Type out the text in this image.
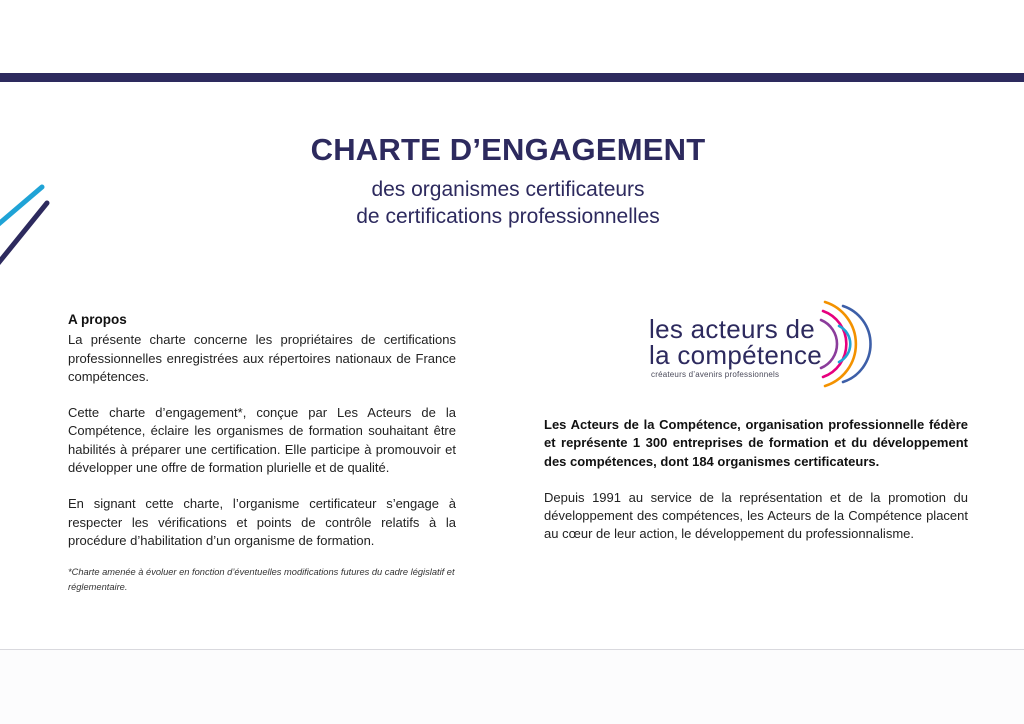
CHARTE D’ENGAGEMENT
des organismes certificateurs
de certifications professionnelles
A propos

La présente charte concerne les propriétaires de certifications professionnelles enregistrées aux répertoires nationaux de France compétences.

Cette charte d’engagement*, conçue par Les Acteurs de la Compétence, éclaire les organismes de formation souhaitant être habilités à préparer une certification. Elle participe à promouvoir et développer une offre de formation plurielle et de qualité.

En signant cette charte, l’organisme certificateur s’engage à respecter les vérifications et points de contrôle relatifs à la procédure d’habilitation d’un organisme de formation.

*Charte amenée à évoluer en fonction d’éventuelles modifications futures du cadre législatif et réglementaire.

les acteurs de
la compétence
créateurs d’avenirs professionnels

Les Acteurs de la Compétence, organisation professionnelle fédère et représente 1 300 entreprises de formation et du développement des compétences, dont 184 organismes certificateurs.

Depuis 1991 au service de la représentation et de la promotion du développement des compétences, les Acteurs de la Compétence placent au cœur de leur action, le développement du professionnalisme.
